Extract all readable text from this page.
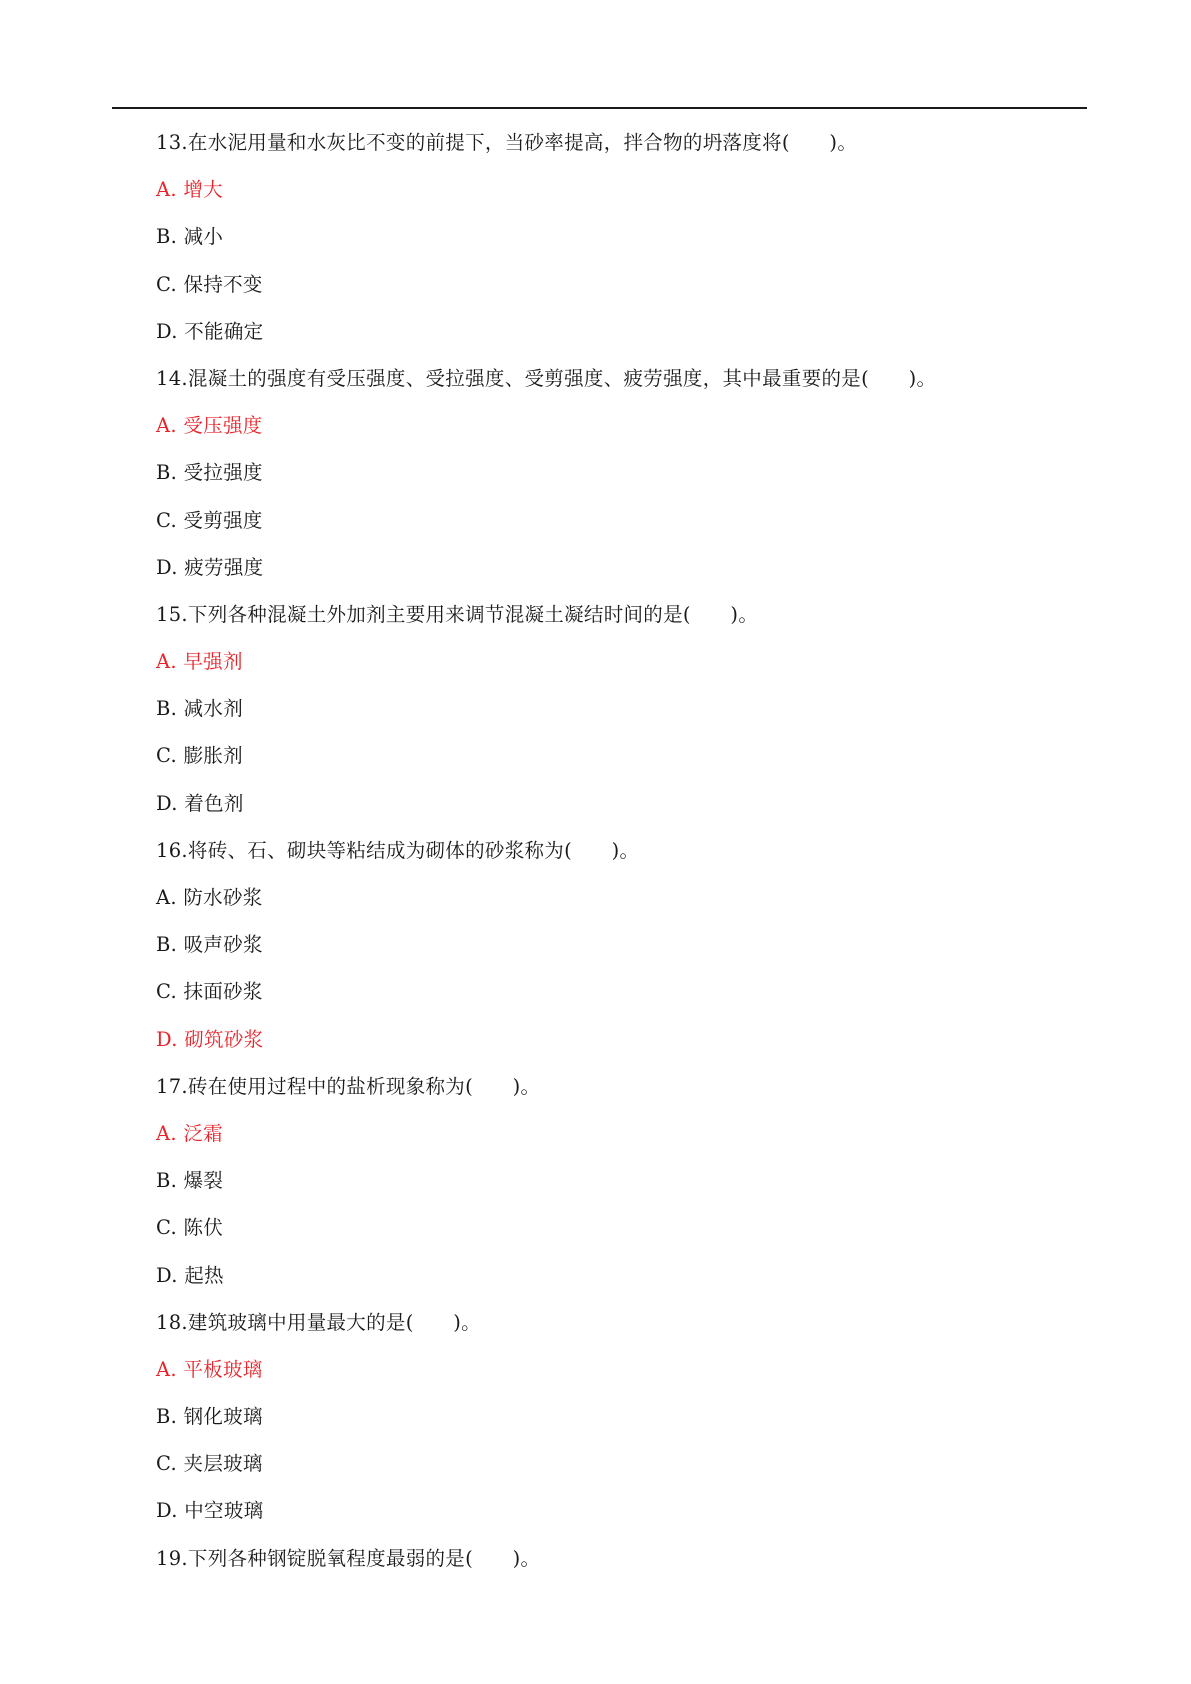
13.在水泥用量和水灰比不变的前提下，当砂率提高，拌合物的坍落度将(　　)。
A. 增大
B. 减小
C. 保持不变
D. 不能确定
14.混凝土的强度有受压强度、受拉强度、受剪强度、疲劳强度，其中最重要的是(　　)。
A. 受压强度
B. 受拉强度
C. 受剪强度
D. 疲劳强度
15.下列各种混凝土外加剂主要用来调节混凝土凝结时间的是(　　)。
A. 早强剂
B. 减水剂
C. 膨胀剂
D. 着色剂
16.将砖、石、砌块等粘结成为砌体的砂浆称为(　　)。
A. 防水砂浆
B. 吸声砂浆
C. 抹面砂浆
D. 砌筑砂浆
17.砖在使用过程中的盐析现象称为(　　)。
A. 泛霜
B. 爆裂
C. 陈伏
D. 起热
18.建筑玻璃中用量最大的是(　　)。
A. 平板玻璃
B. 钢化玻璃
C. 夹层玻璃
D. 中空玻璃
19.下列各种钢锭脱氧程度最弱的是(　　)。
